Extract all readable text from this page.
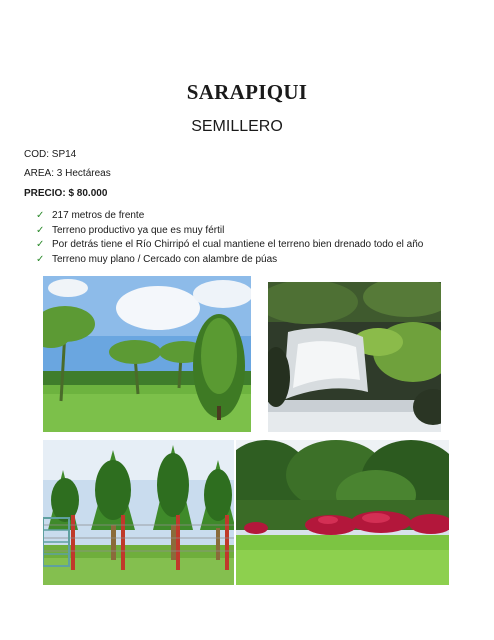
SARAPIQUI
SEMILLERO
COD: SP14
AREA: 3 Hectáreas
PRECIO: $ 80.000
✓ 217 metros de frente
✓ Terreno productivo ya que es muy fértil
✓ Por detrás tiene el Río Chirripó el cual mantiene el terreno bien drenado todo el año
✓ Terreno muy plano / Cercado con alambre de púas
